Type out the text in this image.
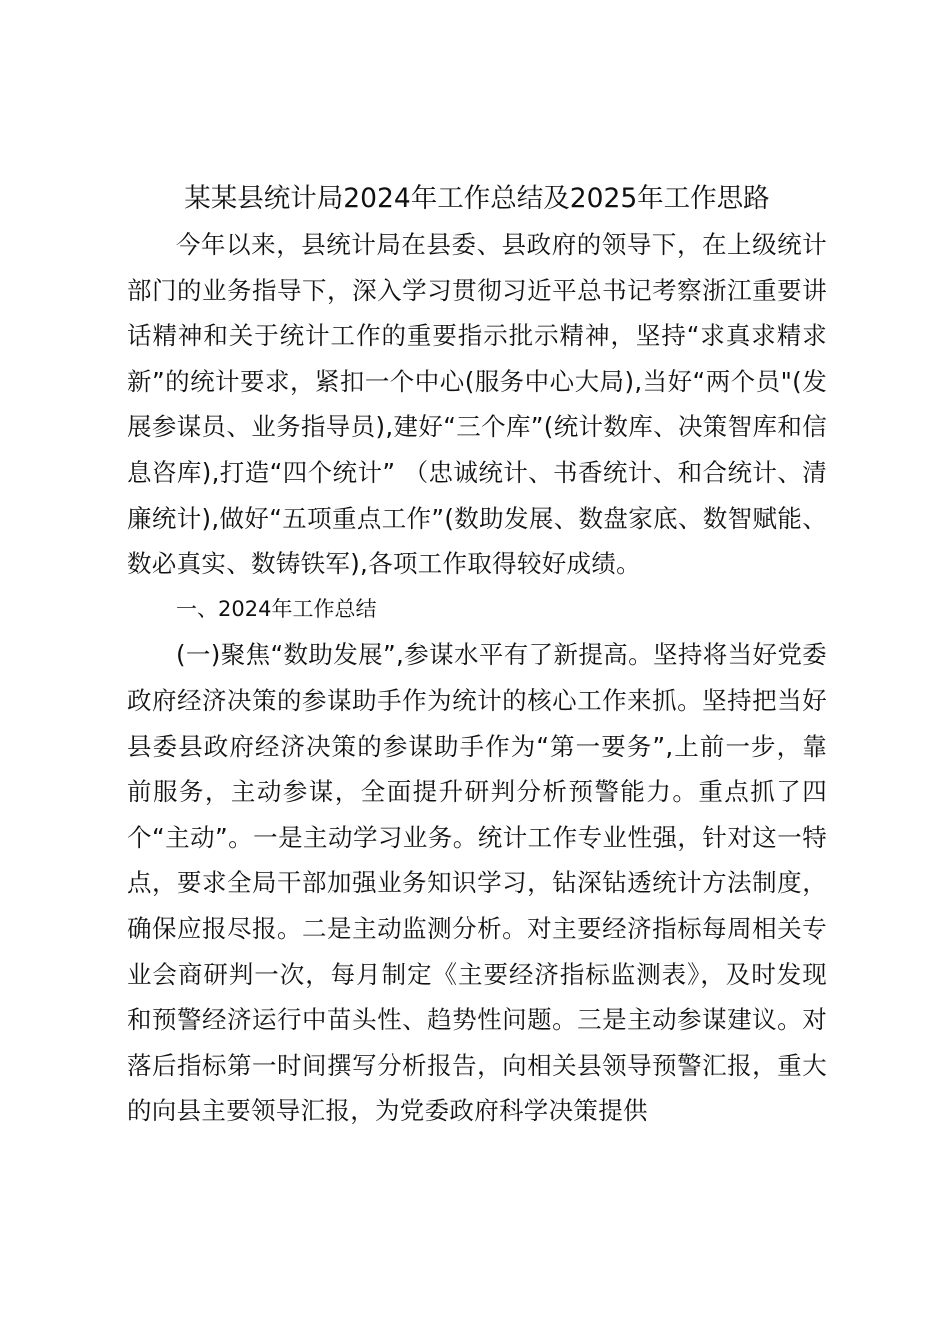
某某县统计局2024年工作总结及2025年工作思路

今年以来，县统计局在县委、县政府的领导下，在上级统计部门的业务指导下，深入学习贯彻习近平总书记考察浙江重要讲话精神和关于统计工作的重要指示批示精神，坚持“求真求精求新”的统计要求，紧扣一个中心(服务中心大局),当好“两个员"(发展参谋员、业务指导员),建好“三个库”(统计数库、决策智库和信息咨库),打造“四个统计” （忠诚统计、书香统计、和合统计、清廉统计),做好“五项重点工作”(数助发展、数盘家底、数智赋能、数必真实、数铸铁军),各项工作取得较好成绩。

一、2024年工作总结

(一)聚焦“数助发展”,参谋水平有了新提高。坚持将当好党委政府经济决策的参谋助手作为统计的核心工作来抓。坚持把当好县委县政府经济决策的参谋助手作为“第一要务”,上前一步，靠前服务，主动参谋，全面提升研判分析预警能力。重点抓了四个“主动”。一是主动学习业务。统计工作专业性强，针对这一特点，要求全局干部加强业务知识学习，钻深钻透统计方法制度，确保应报尽报。二是主动监测分析。对主要经济指标每周相关专业会商研判一次，每月制定《主要经济指标监测表》，及时发现和预警经济运行中苗头性、趋势性问题。三是主动参谋建议。对落后指标第一时间撰写分析报告，向相关县领导预警汇报，重大的向县主要领导汇报，为党委政府科学决策提供
